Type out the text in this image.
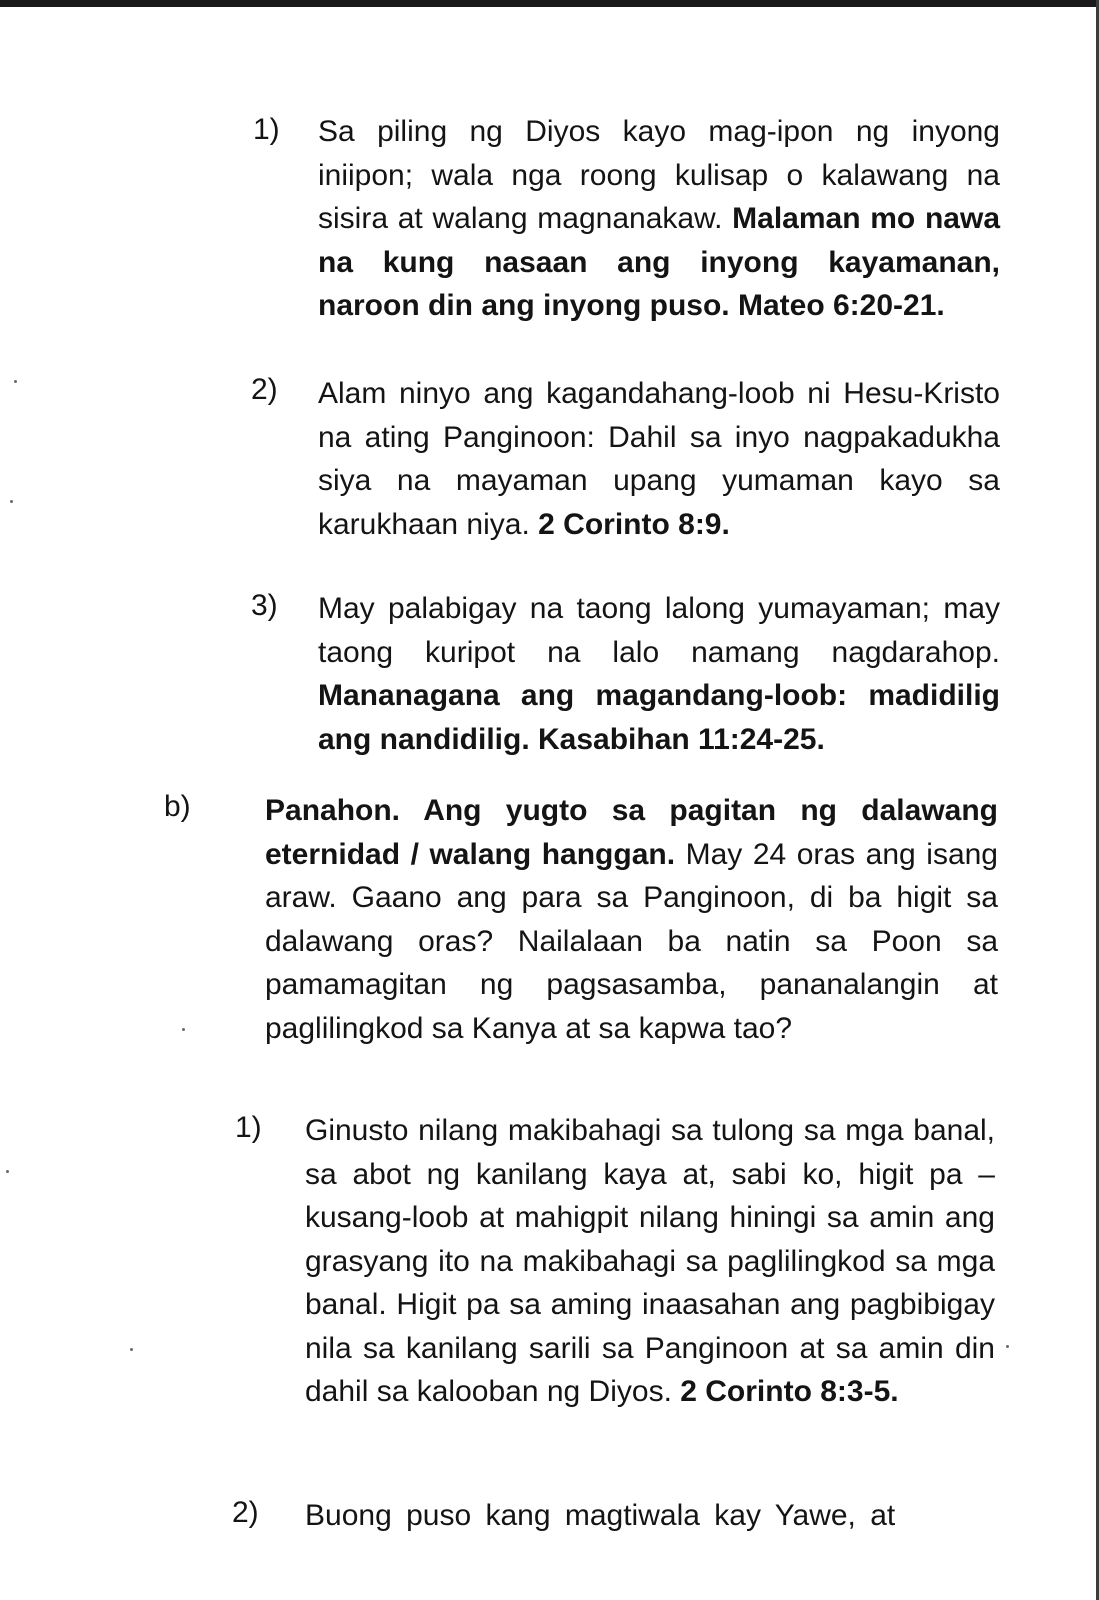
1) Sa piling ng Diyos kayo mag-ipon ng inyong iniipon; wala nga roong kulisap o kalawang na sisira at walang magnanakaw. Malaman mo nawa na kung nasaan ang inyong kayamanan, naroon din ang inyong puso. Mateo 6:20-21.

2) Alam ninyo ang kagandahang-loob ni Hesu-Kristo na ating Panginoon: Dahil sa inyo nagpakadukha siya na mayaman upang yumaman kayo sa karukhaan niya. 2 Corinto 8:9.

3) May palabigay na taong lalong yumayaman; may taong kuripot na lalo namang nagdarahop. Mananagana ang magandang-loob: madidilig ang nandidilig. Kasabihan 11:24-25.

b) Panahon. Ang yugto sa pagitan ng dalawang eternidad / walang hanggan. May 24 oras ang isang araw. Gaano ang para sa Panginoon, di ba higit sa dalawang oras? Nailalaan ba natin sa Poon sa pamamagitan ng pagsasamba, pananalangin at paglilingkod sa Kanya at sa kapwa tao?

1) Ginusto nilang makibahagi sa tulong sa mga banal, sa abot ng kanilang kaya at, sabi ko, higit pa – kusang-loob at mahigpit nilang hiningi sa amin ang grasyang ito na makibahagi sa paglilingkod sa mga banal. Higit pa sa aming inaasahan ang pagbibigay nila sa kanilang sarili sa Panginoon at sa amin din dahil sa kalooban ng Diyos. 2 Corinto 8:3-5.

2) Buong puso kang magtiwala kay Yawe, at
